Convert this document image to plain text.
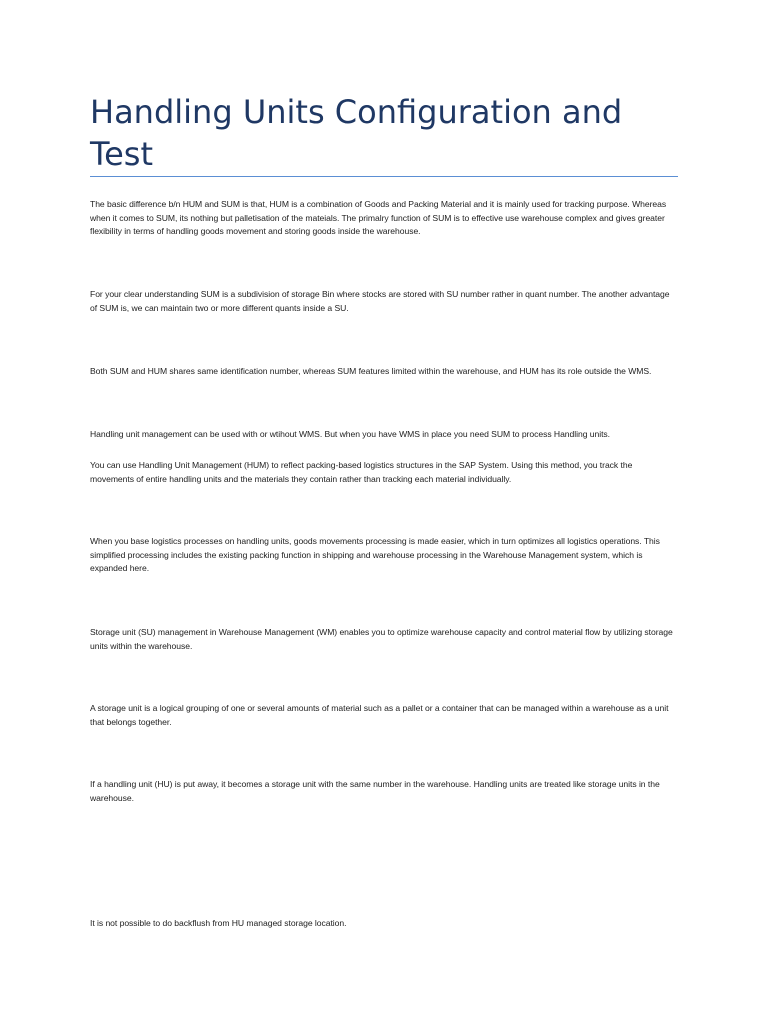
Handling Units Configuration and Test

The basic difference b/n HUM and SUM is that, HUM is a combination of Goods and Packing Material and it is mainly used for tracking purpose. Whereas when it comes to SUM, its nothing but palletisation of the mateials. The primalry function of SUM is to effective use warehouse complex and gives greater flexibility in terms of handling goods movement and storing goods inside the warehouse.

For your clear understanding SUM is a subdivision of storage Bin where stocks are stored with SU number rather in quant number. The another advantage of SUM is, we can maintain two or more different quants inside a SU.

Both SUM and HUM shares same identification number, whereas SUM features limited within the warehouse, and HUM has its role outside the WMS.

Handling unit management can be used with or wtihout WMS. But when you have WMS in place you need SUM to process Handling units.

You can use Handling Unit Management (HUM) to reflect packing-based logistics structures in the SAP System. Using this method, you track the movements of entire handling units and the materials they contain rather than tracking each material individually.

When you base logistics processes on handling units, goods movements processing is made easier, which in turn optimizes all logistics operations. This simplified processing includes the existing packing function in shipping and warehouse processing in the Warehouse Management system, which is expanded here.

Storage unit (SU) management in Warehouse Management (WM) enables you to optimize warehouse capacity and control material flow by utilizing storage units within the warehouse.

A storage unit is a logical grouping of one or several amounts of material such as a pallet or a container that can be managed within a warehouse as a unit that belongs together.

If a handling unit (HU) is put away, it becomes a storage unit with the same number in the warehouse. Handling units are treated like storage units in the warehouse.

It is not possible to do backflush from HU managed storage location.
